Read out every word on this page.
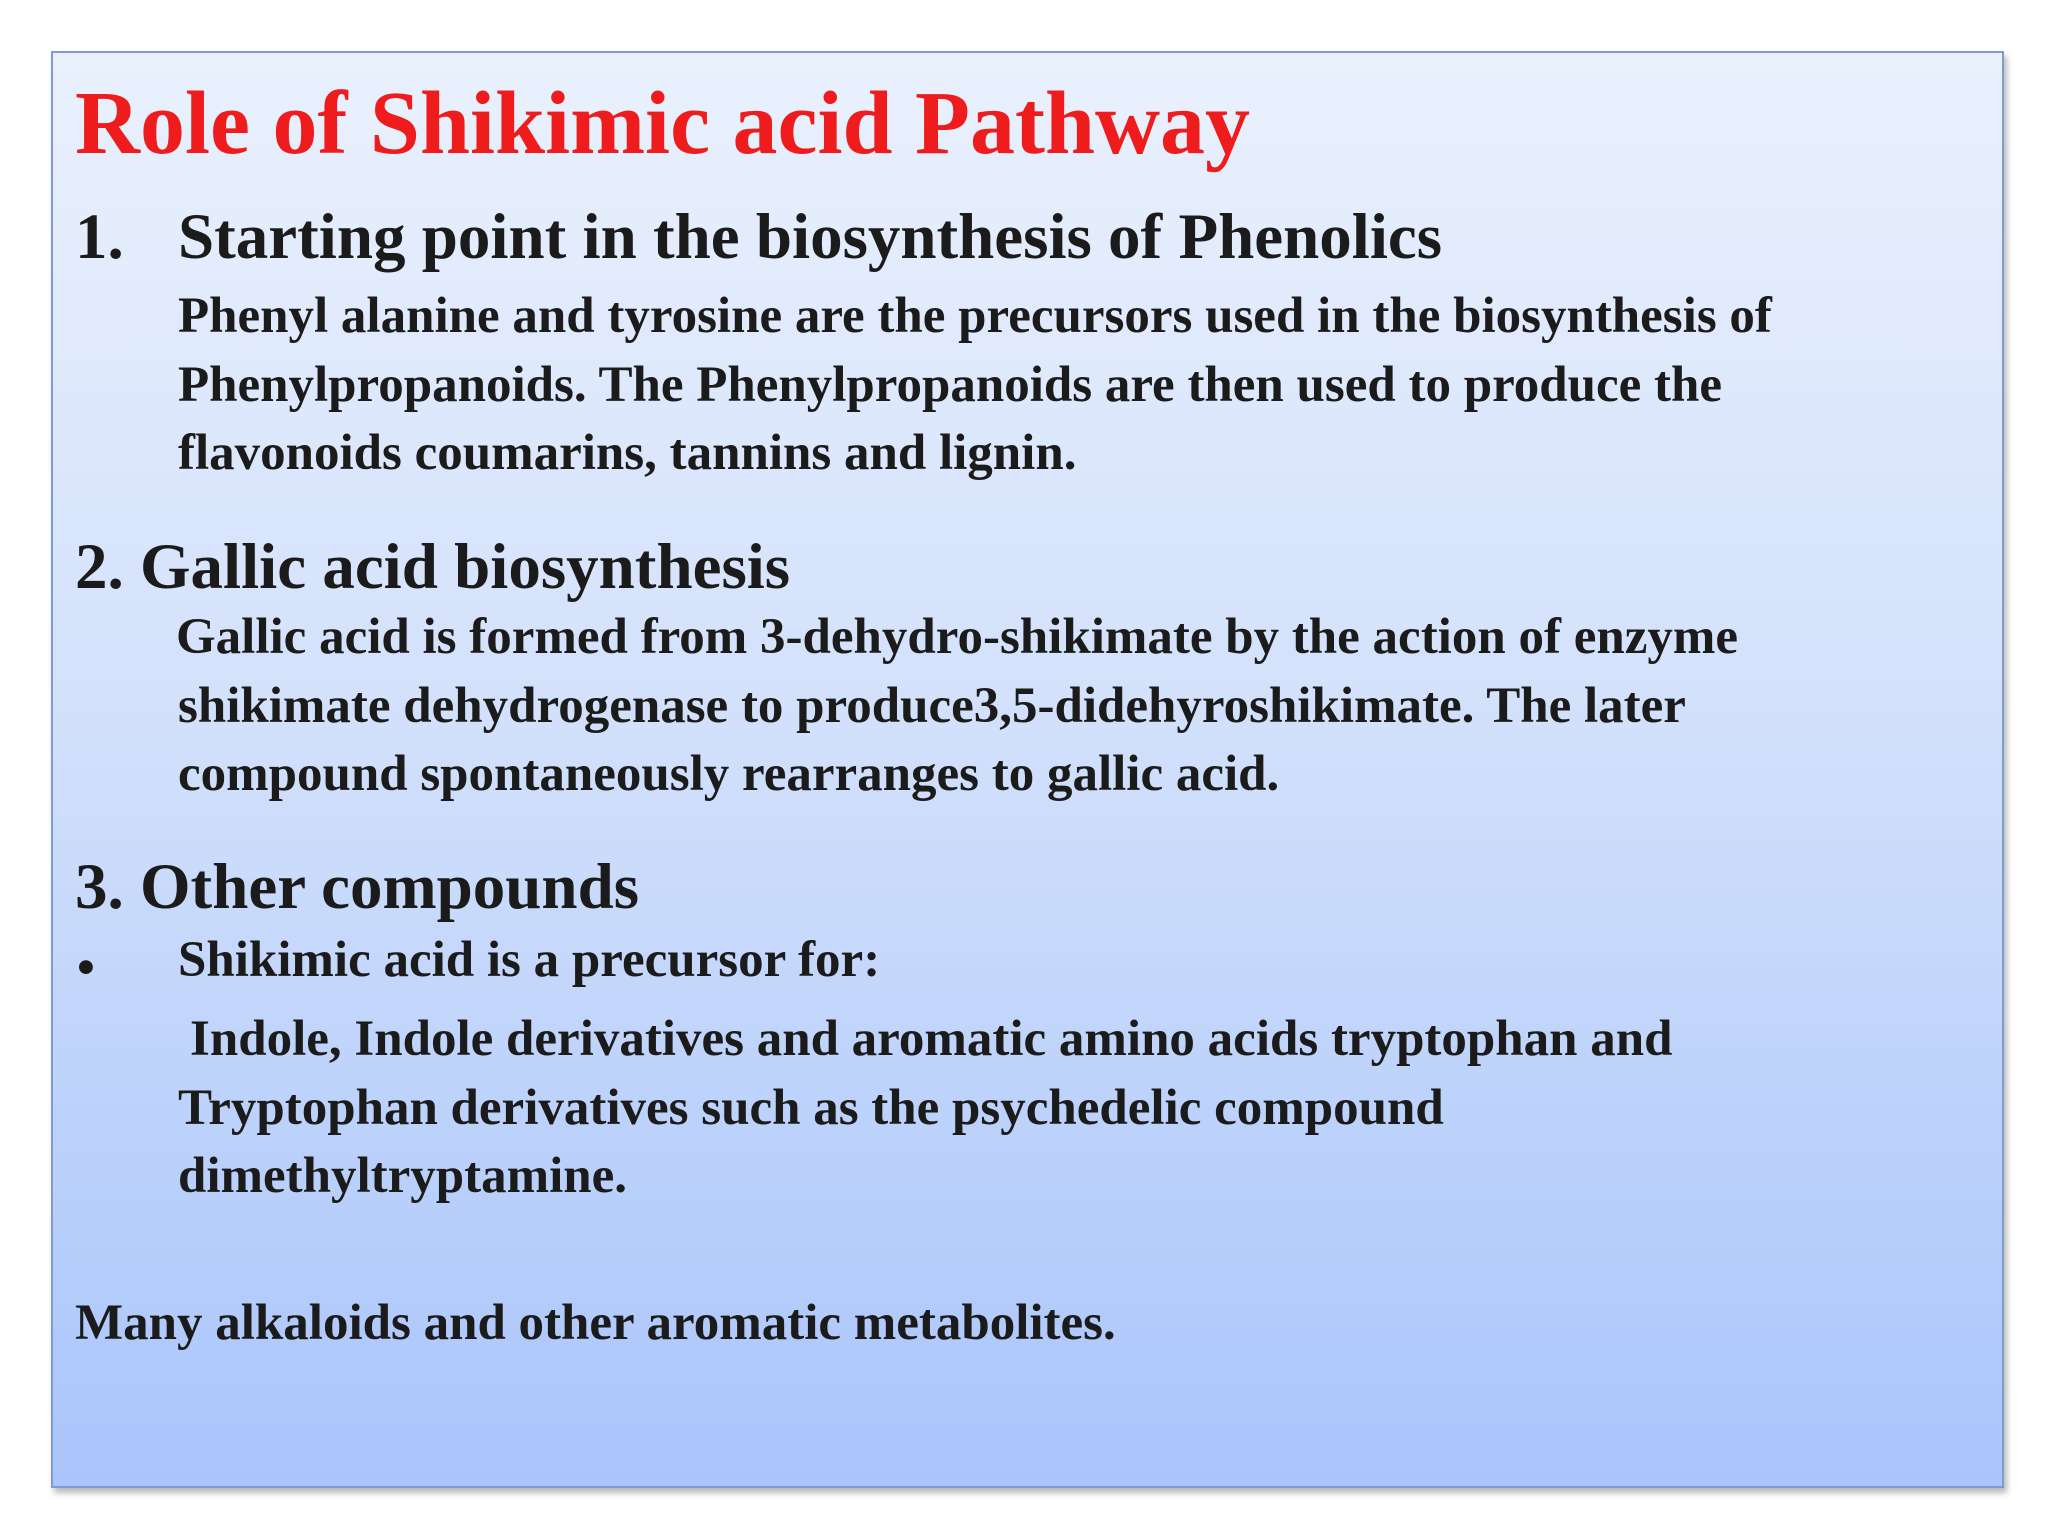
Role of Shikimic acid Pathway
1. Starting point in the biosynthesis of Phenolics
Phenyl alanine and tyrosine are the precursors used in the biosynthesis of
Phenylpropanoids. The Phenylpropanoids are then used to produce the
flavonoids coumarins, tannins and lignin.
2. Gallic acid biosynthesis
Gallic acid is formed from 3-dehydro-shikimate by the action of enzyme
shikimate dehydrogenase to produce3,5-didehyroshikimate. The later
compound spontaneously rearranges to gallic acid.
3. Other compounds
• Shikimic acid is a precursor for:
Indole, Indole derivatives and aromatic amino acids tryptophan and
Tryptophan derivatives such as the psychedelic compound
dimethyltryptamine.
Many alkaloids and other aromatic metabolites.
